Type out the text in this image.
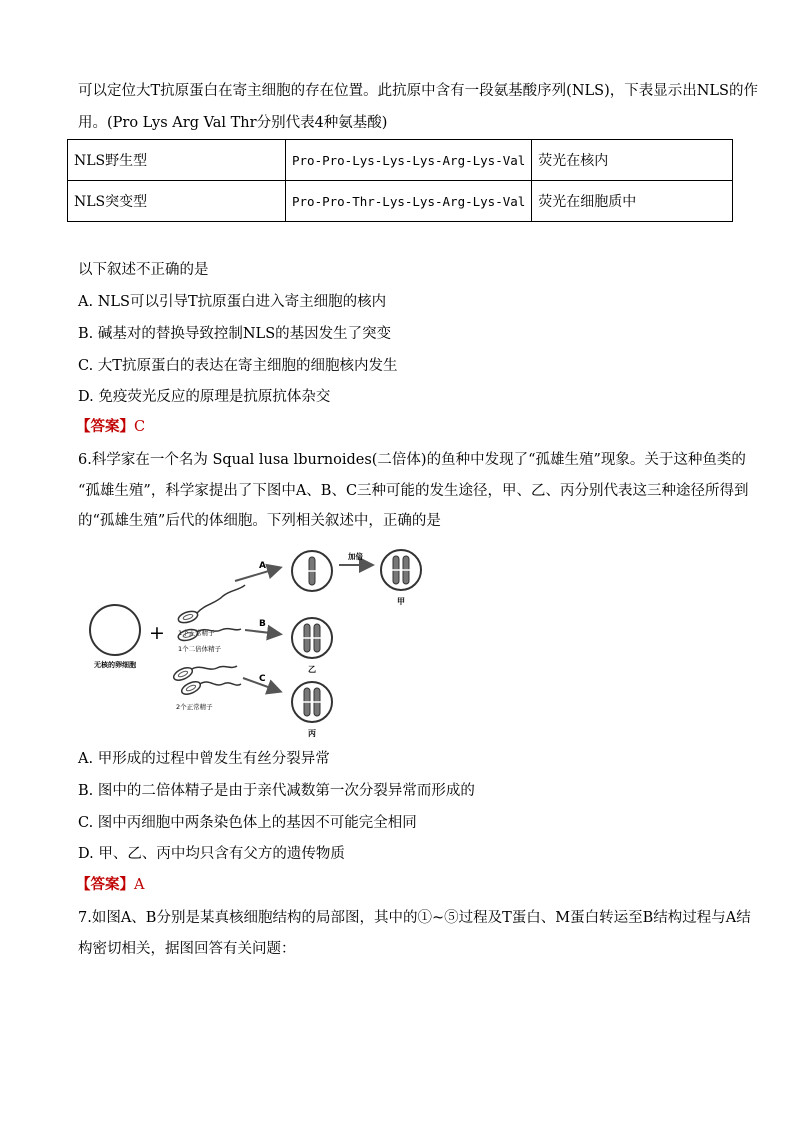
可以定位大T抗原蛋白在寄主细胞的存在位置。此抗原中含有一段氨基酸序列(NLS)，下表显示出NLS的作
用。(Pro Lys Arg Val Thr分别代表4种氨基酸)
NLS野生型	Pro-Pro-Lys-Lys-Lys-Arg-Lys-Val	荧光在核内
NLS突变型	Pro-Pro-Thr-Lys-Lys-Arg-Lys-Val	荧光在细胞质中
以下叙述不正确的是
A. NLS可以引导T抗原蛋白进入寄主细胞的核内
B. 碱基对的替换导致控制NLS的基因发生了突变
C. 大T抗原蛋白的表达在寄主细胞的细胞核内发生
D. 免疫荧光反应的原理是抗原抗体杂交
【答案】C
6.科学家在一个名为 Squal lusa lburnoides(二倍体)的鱼种中发现了“孤雄生殖”现象。关于这种鱼类的
“孤雄生殖”，科学家提出了下图中A、B、C三种可能的发生途径，甲、乙、丙分别代表这三种途径所得到
的“孤雄生殖”后代的体细胞。下列相关叙述中，正确的是
无核的卵细胞
+ 1个正常精子
1个二倍体精子
2个正常精子
A
B
C
加倍
甲
乙
丙
A. 甲形成的过程中曾发生有丝分裂异常
B. 图中的二倍体精子是由于亲代减数第一次分裂异常而形成的
C. 图中丙细胞中两条染色体上的基因不可能完全相同
D. 甲、乙、丙中均只含有父方的遗传物质
【答案】A
7.如图A、B分别是某真核细胞结构的局部图，其中的①~⑤过程及T蛋白、M蛋白转运至B结构过程与A结
构密切相关，据图回答有关问题：
